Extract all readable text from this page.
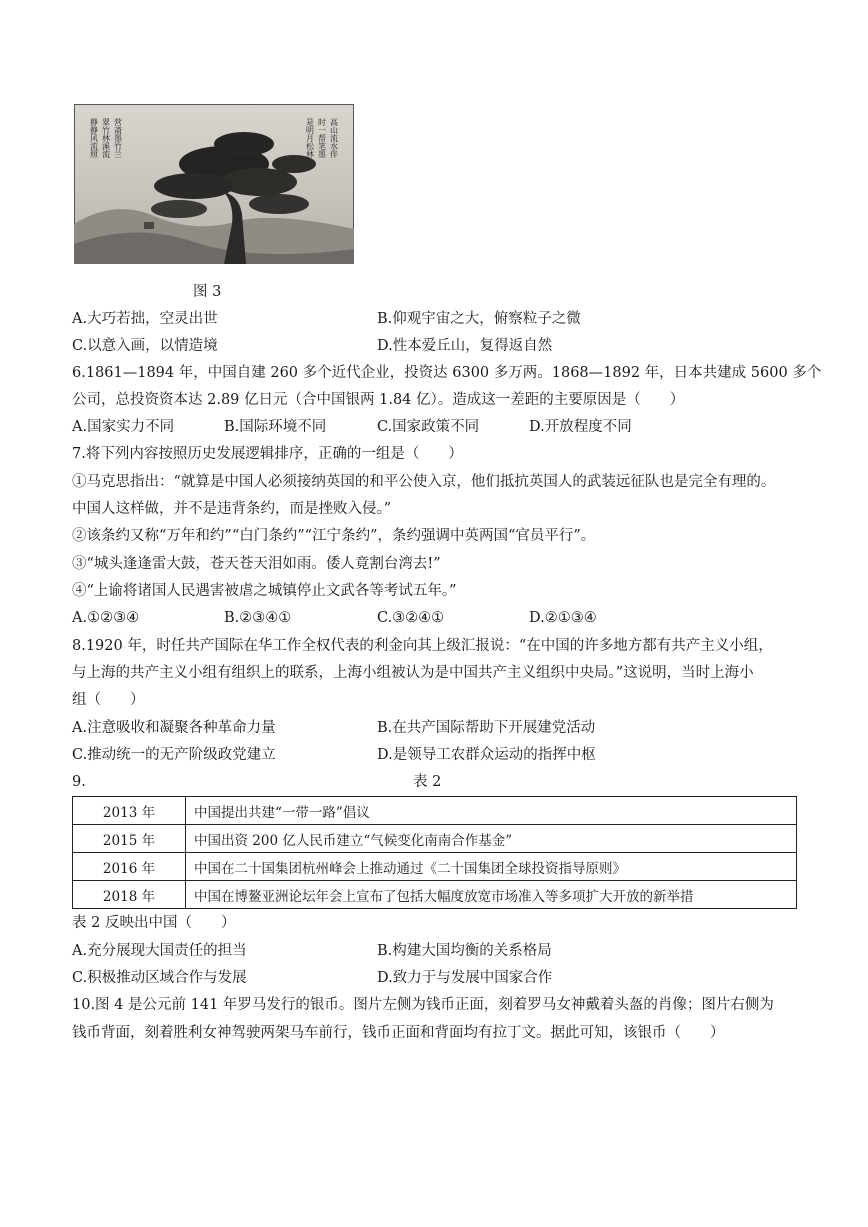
静静风流照 翠竹林溪流 营斋墨竹兰	是明月松林 时一帮笔墨 高山流水伴
图 3
A.大巧若拙，空灵出世	B.仰观宇宙之大，俯察粒子之微
C.以意入画，以情造境	D.性本爱丘山，复得返自然
6.1861—1894 年，中国自建 260 多个近代企业，投资达 6300 多万两。1868—1892 年，日本共建成 5600 多个
公司，总投资资本达 2.89 亿日元（合中国银两 1.84 亿）。造成这一差距的主要原因是（　　）
A.国家实力不同	B.国际环境不同	C.国家政策不同	D.开放程度不同
7.将下列内容按照历史发展逻辑排序，正确的一组是（　　）
①马克思指出：“就算是中国人必须接纳英国的和平公使入京，他们抵抗英国人的武装远征队也是完全有理的。
中国人这样做，并不是违背条约，而是挫败入侵。”
②该条约又称“万年和约”“白门条约”“江宁条约”，条约强调中英两国“官员平行”。
③“城头逢逢雷大鼓，苍天苍天泪如雨。倭人竟割台湾去!”
④“上谕将诸国人民遇害被虐之城镇停止文武各等考试五年。”
A.①②③④	B.②③④①	C.③②④①	D.②①③④
8.1920 年，时任共产国际在华工作全权代表的利金向其上级汇报说：“在中国的许多地方都有共产主义小组，
与上海的共产主义小组有组织上的联系，上海小组被认为是中国共产主义组织中央局。”这说明，当时上海小
组（　　）
A.注意吸收和凝聚各种革命力量	B.在共产国际帮助下开展建党活动
C.推动统一的无产阶级政党建立	D.是领导工农群众运动的指挥中枢
9.	表 2
2013 年	中国提出共建“一带一路”倡议
2015 年	中国出资 200 亿人民币建立“气候变化南南合作基金”
2016 年	中国在二十国集团杭州峰会上推动通过《二十国集团全球投资指导原则》
2018 年	中国在博鳌亚洲论坛年会上宣布了包括大幅度放宽市场准入等多项扩大开放的新举措
表 2 反映出中国（　　）
A.充分展现大国责任的担当	B.构建大国均衡的关系格局
C.积极推动区域合作与发展	D.致力于与发展中国家合作
10.图 4 是公元前 141 年罗马发行的银币。图片左侧为钱币正面，刻着罗马女神戴着头盔的肖像；图片右侧为
钱币背面，刻着胜利女神驾驶两架马车前行，钱币正面和背面均有拉丁文。据此可知，该银币（　　）
